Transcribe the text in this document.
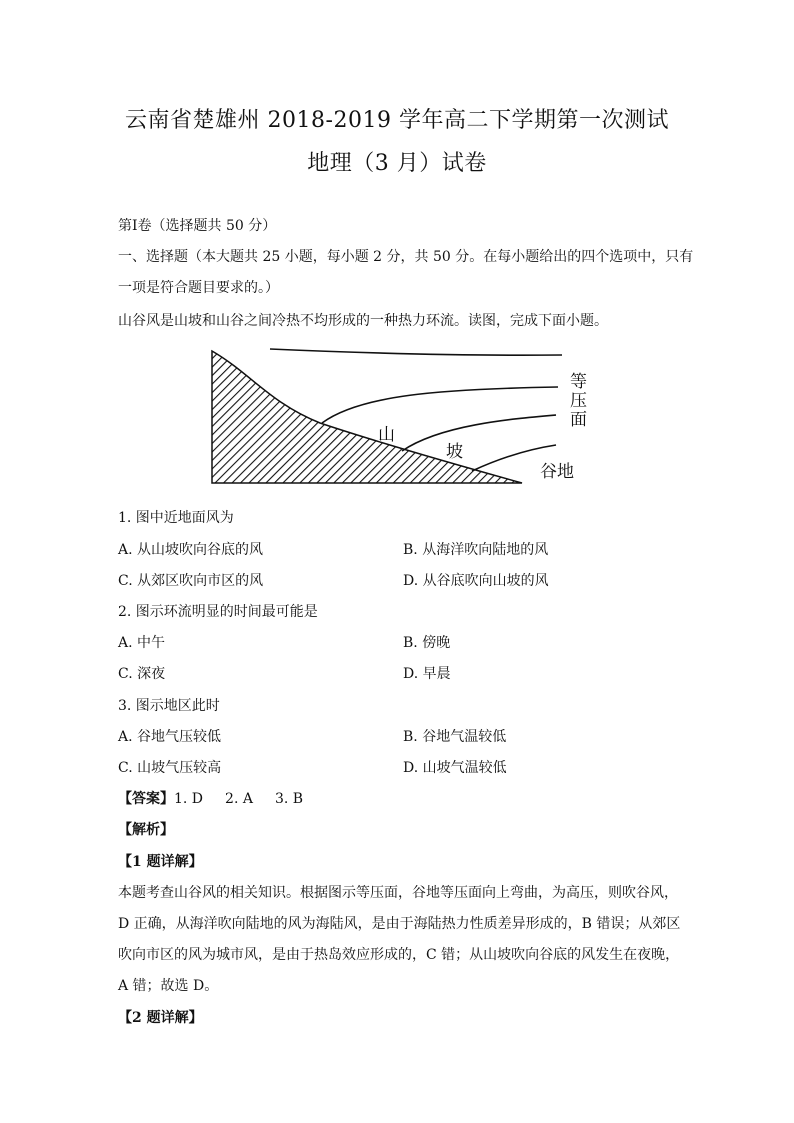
云南省楚雄州 2018-2019 学年高二下学期第一次测试
地理（3 月）试卷
第Ⅰ卷（选择题共 50 分）
一、选择题（本大题共 25 小题，每小题 2 分，共 50 分。在每小题给出的四个选项中，只有
一项是符合题目要求的。）
山谷风是山坡和山谷之间冷热不均形成的一种热力环流。读图，完成下面小题。
等
压
面
山
坡
谷地
1. 图中近地面风为
A. 从山坡吹向谷底的风	B. 从海洋吹向陆地的风
C. 从郊区吹向市区的风	D. 从谷底吹向山坡的风
2. 图示环流明显的时间最可能是
A. 中午	B. 傍晚
C. 深夜	D. 早晨
3. 图示地区此时
A. 谷地气压较低	B. 谷地气温较低
C. 山坡气压较高	D. 山坡气温较低
【答案】1. D 2. A 3. B
【解析】
【1 题详解】
本题考查山谷风的相关知识。根据图示等压面，谷地等压面向上弯曲，为高压，则吹谷风，
D 正确，从海洋吹向陆地的风为海陆风，是由于海陆热力性质差异形成的，B 错误；从郊区
吹向市区的风为城市风，是由于热岛效应形成的，C 错；从山坡吹向谷底的风发生在夜晚，
A 错；故选 D。
【2 题详解】
